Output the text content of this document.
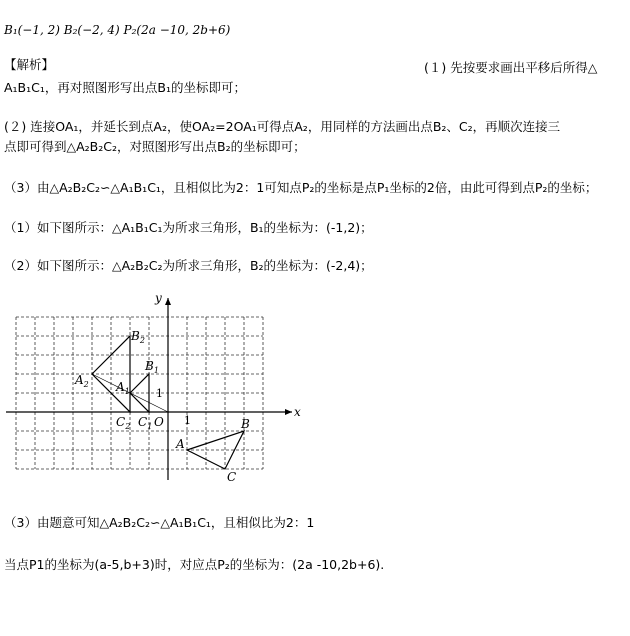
B₁(−1, 2) B₂(−2, 4) P₂(2a −10, 2b+6)
【解析】	(１) 先按要求画出平移后所得△
A₁B₁C₁，再对照图形写出点B₁的坐标即可；
(２) 连接OA₁，并延长到点A₂，使OA₂=2OA₁可得点A₂，用同样的方法画出点B₂、C₂，再顺次连接三
点即可得到△A₂B₂C₂，对照图形写出点B₂的坐标即可；
（3）由△A₂B₂C₂∽△A₁B₁C₁，且相似比为2：1可知点P₂的坐标是点P₁坐标的2倍，由此可得到点P₂的坐标；
（1）如下图所示：△A₁B₁C₁为所求三角形，B₁的坐标为：(-1,2)；
（2）如下图所示：△A₂B₂C₂为所求三角形，B₂的坐标为：(-2,4)；
x
y
O 1
1
A
B
C
$A_1$
$B_1$
$C_1$
$A_2$
$B_2$
$C_2$
（3）由题意可知△A₂B₂C₂∽△A₁B₁C₁，且相似比为2：1
当点P1的坐标为(a-5,b+3)时，对应点P₂的坐标为：(2a -10,2b+6).
